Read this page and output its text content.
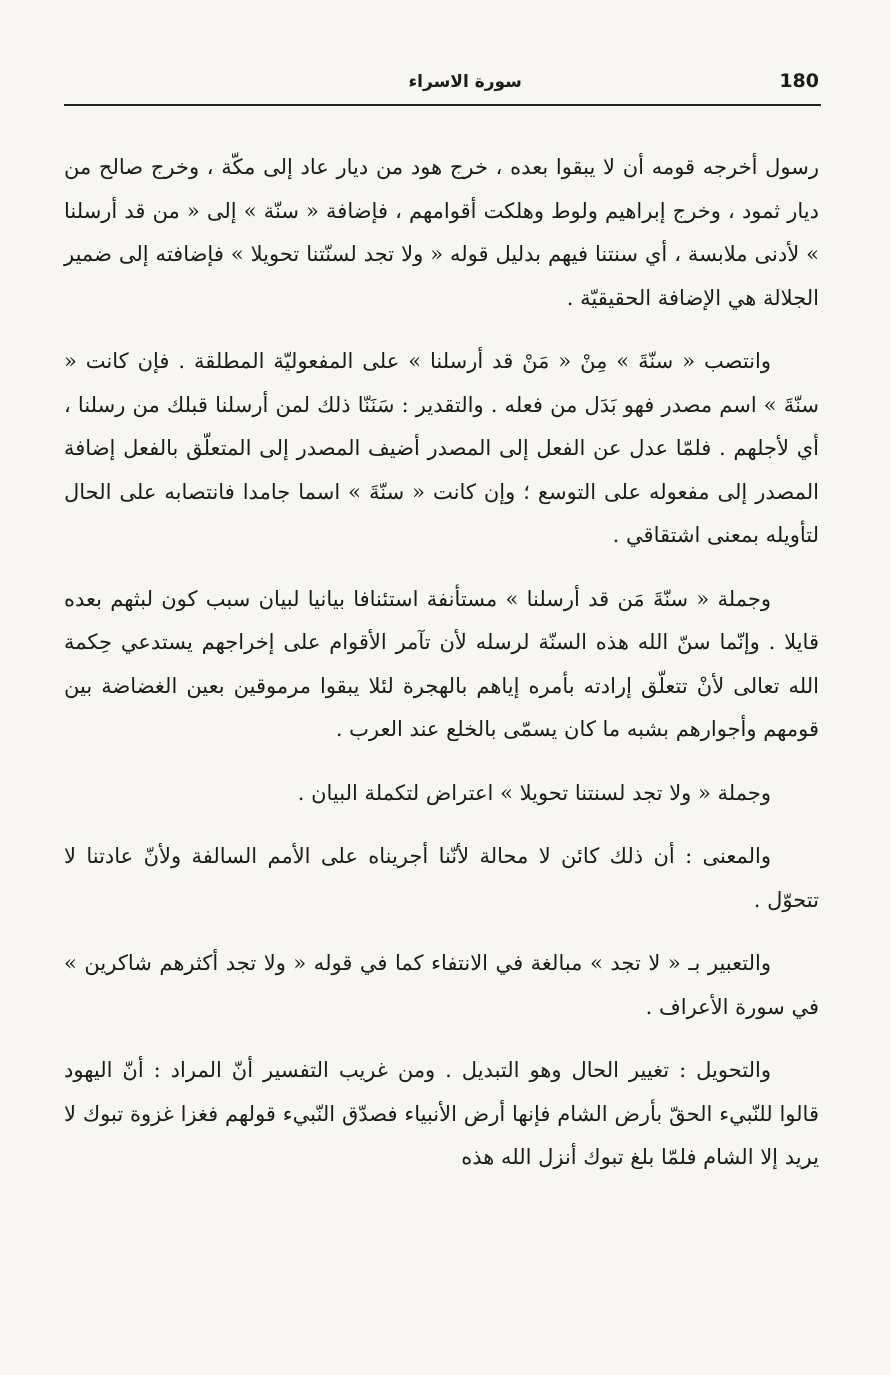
180
سورة الاسراء

رسول أخرجه قومه أن لا يبقوا بعده ، خرج هود من ديار عاد إلى مكّة ، وخرج صالح من ديار ثمود ، وخرج إبراهيم ولوط وهلكت أقوامهم ، فإضافة « سنّة » إلى « من قد أرسلنا » لأدنى ملابسة ، أي سنتنا فيهم بدليل قوله « ولا تجد لسنّتنا تحويلا » فإضافته إلى ضمير الجلالة هي الإضافة الحقيقيّة .

وانتصب « سنّةَ » مِنْ « مَنْ قد أرسلنا » على المفعوليّة المطلقة . فإن كانت « سنّةَ » اسم مصدر فهو بَدَل من فعله . والتقدير : سَنَنّا ذلك لمن أرسلنا قبلك من رسلنا ، أي لأجلهم . فلمّا عدل عن الفعل إلى المصدر أضيف المصدر إلى المتعلّق بالفعل إضافة المصدر إلى مفعوله على التوسع ؛ وإن كانت « سنّةَ » اسما جامدا فانتصابه على الحال لتأويله بمعنى اشتقاقي .

وجملة « سنّةَ مَن قد أرسلنا » مستأنفة استئنافا بيانيا لبيان سبب كون لبثهم بعده قايلا . وإنّما سنّ الله هذه السنّة لرسله لأن تآمر الأقوام على إخراجهم يستدعي حِكمة الله تعالى لأنْ تتعلّق إرادته بأمره إياهم بالهجرة لئلا يبقوا مرموقين بعين الغضاضة بين قومهم وأجوارهم بشبه ما كان يسمّى بالخلع عند العرب .

وجملة « ولا تجد لسنتنا تحويلا » اعتراض لتكملة البيان .

والمعنى : أن ذلك كائن لا محالة لأنّنا أجريناه على الأمم السالفة ولأنّ عادتنا لا تتحوّل .

والتعبير بـ « لا تجد » مبالغة في الانتفاء كما في قوله « ولا تجد أكثرهم شاكرين » في سورة الأعراف .

والتحويل : تغيير الحال وهو التبديل . ومن غريب التفسير أنّ المراد : أنّ اليهود قالوا للنّبيء الحقّ بأرض الشام فإنها أرض الأنبياء فصدّق النّبيء قولهم فغزا غزوة تبوك لا يريد إلا الشام فلمّا بلغ تبوك أنزل الله هذه
